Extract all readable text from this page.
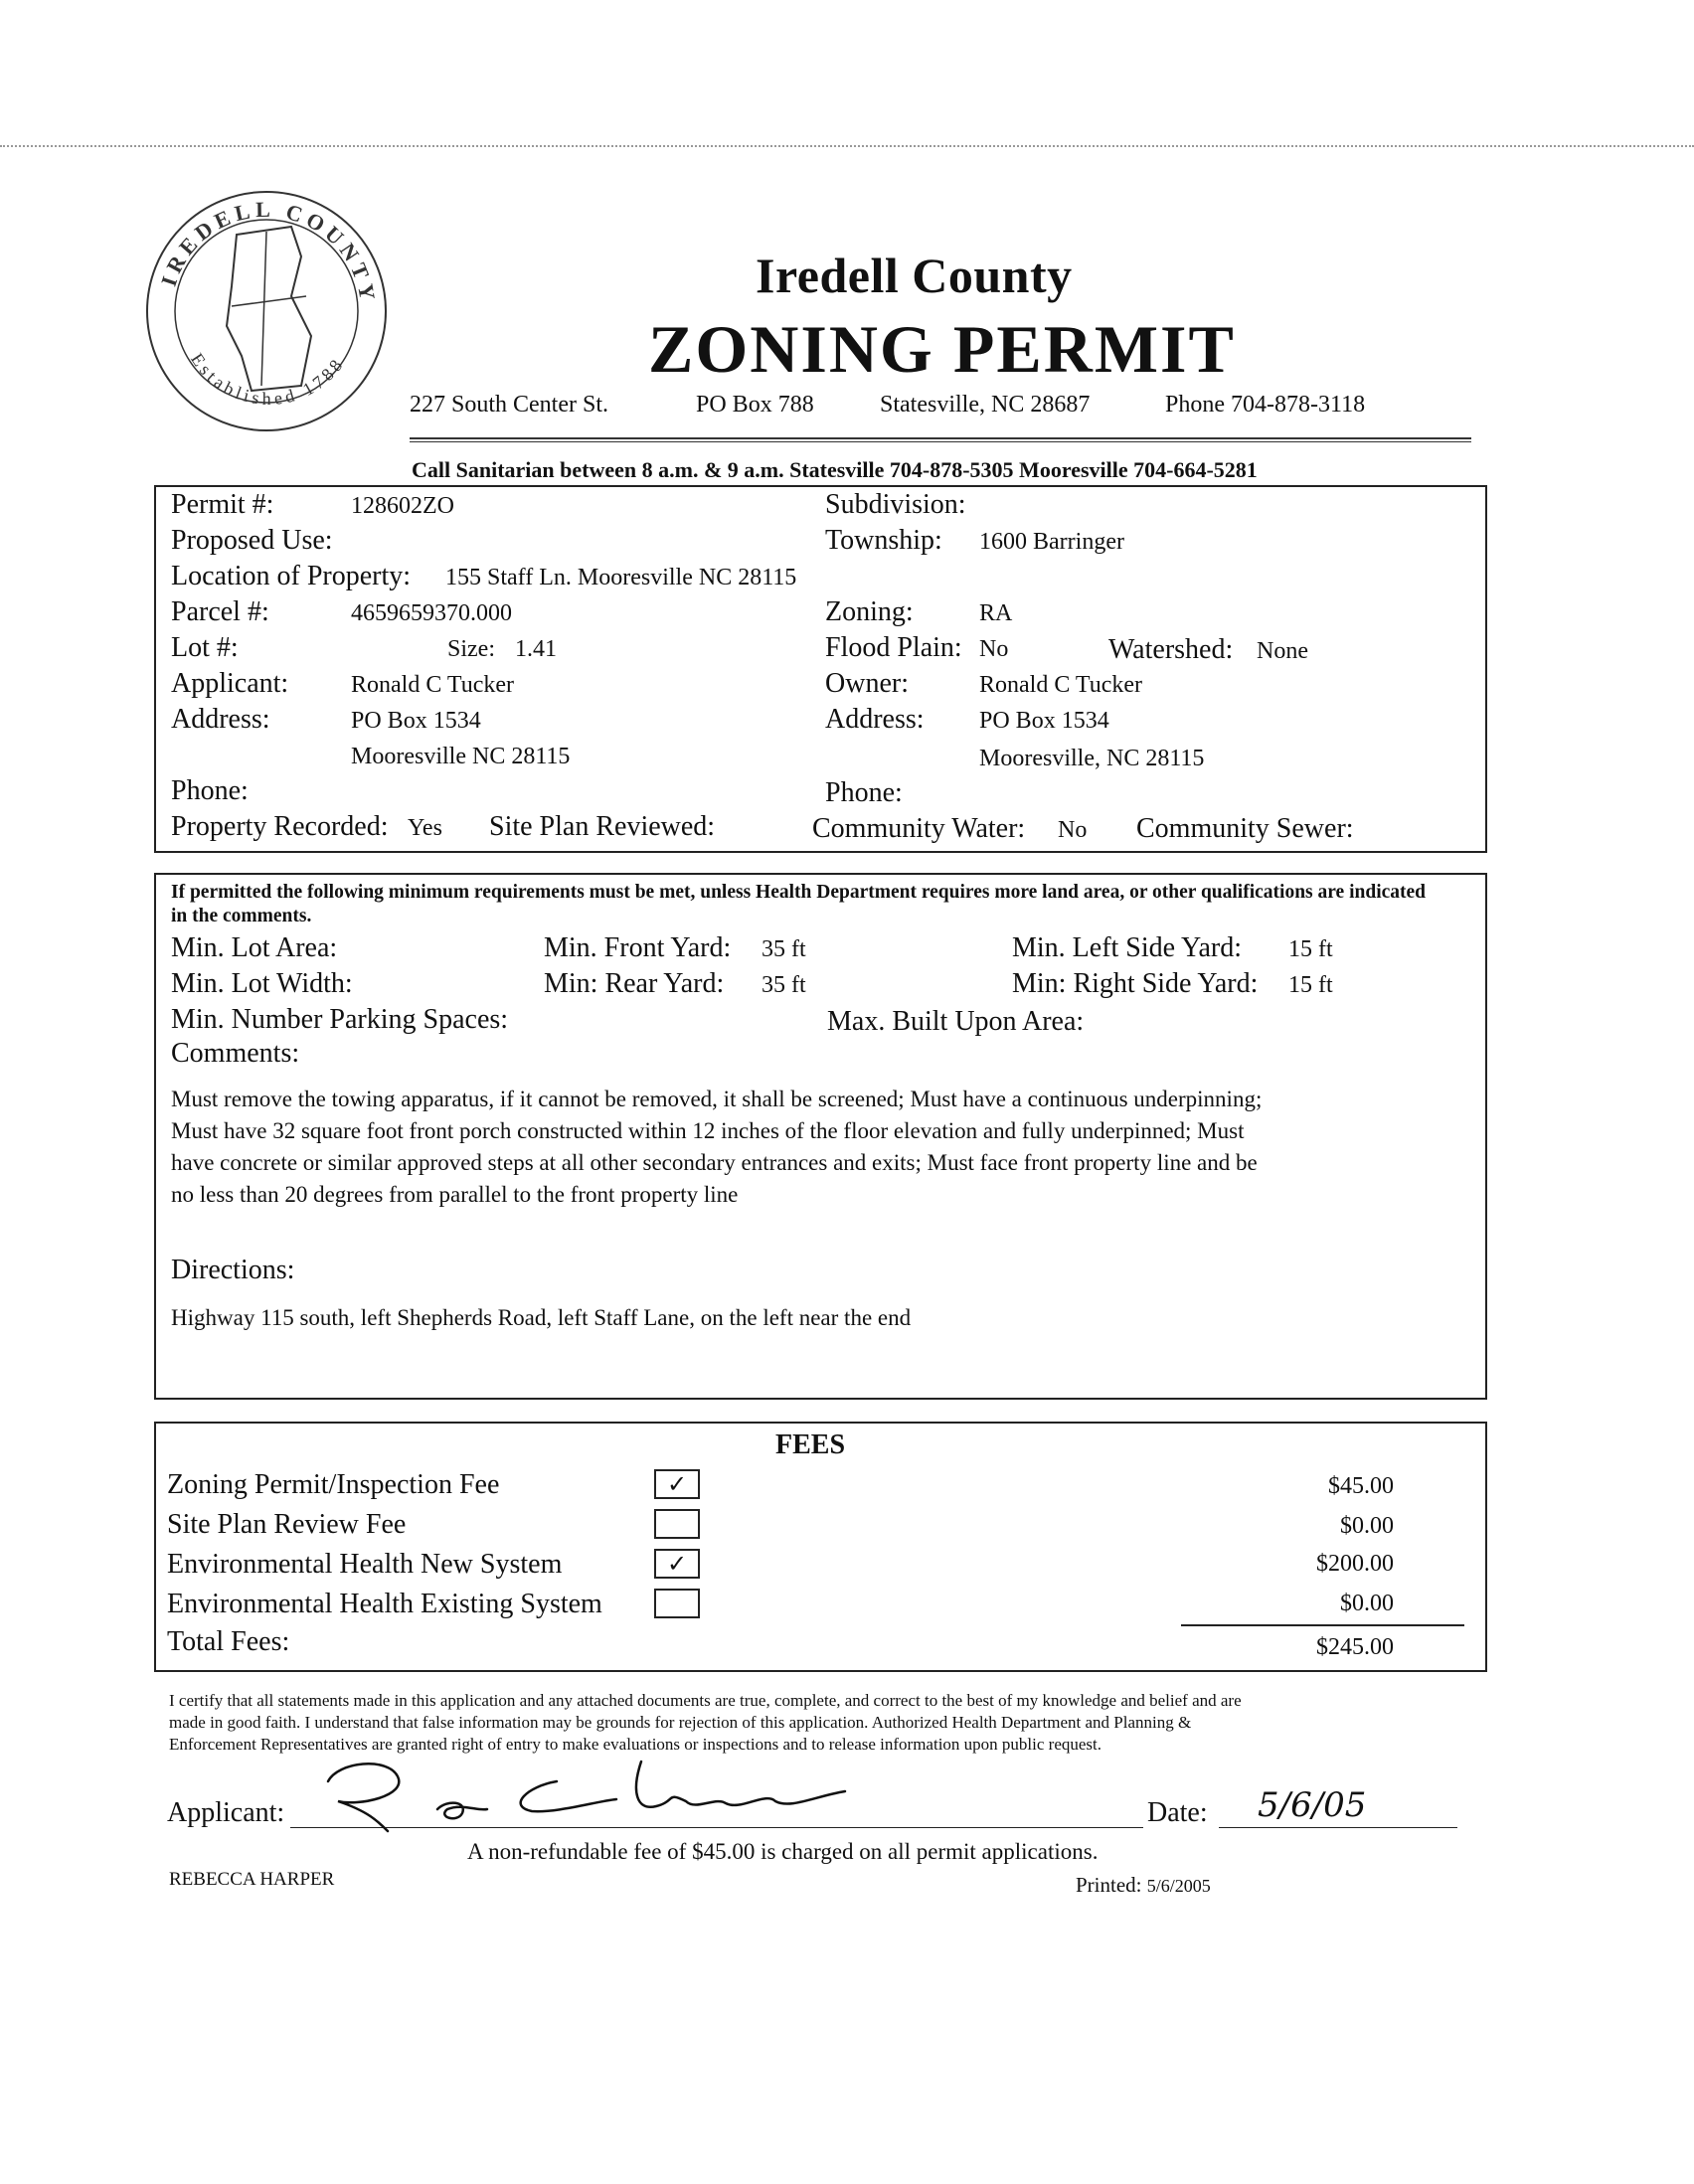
IREDELL COUNTY
Established 1788
Iredell County
ZONING PERMIT
227 South Center St.	PO Box 788	Statesville, NC 28687	Phone 704-878-3118
Call Sanitarian between 8 a.m. & 9 a.m. Statesville 704-878-5305 Mooresville 704-664-5281
Permit #:	128602ZO	Subdivision:
Proposed Use:	Township: 1600 Barringer
Location of Property: 155 Staff Ln. Mooresville NC 28115
Parcel #:	4659659370.000	Zoning:	RA
Lot #:	Size: 1.41	Flood Plain: No	Watershed: None
Applicant:	Ronald C Tucker	Owner:	Ronald C Tucker
Address:	PO Box 1534	Address: PO Box 1534
Mooresville NC 28115	Mooresville, NC 28115
Phone:	Phone:
Property Recorded: Yes Site Plan Reviewed:	Community Water: No Community Sewer:
If permitted the following minimum requirements must be met, unless Health Department requires more land area, or other qualifications are indicated in the comments.
Min. Lot Area:	Min. Front Yard: 35 ft	Min. Left Side Yard: 15 ft
Min. Lot Width:	Min: Rear Yard: 35 ft	Min: Right Side Yard: 15 ft
Min. Number Parking Spaces:	Max. Built Upon Area:
Comments:
Must remove the towing apparatus, if it cannot be removed, it shall be screened; Must have a continuous underpinning;
Must have 32 square foot front porch constructed within 12 inches of the floor elevation and fully underpinned; Must
have concrete or similar approved steps at all other secondary entrances and exits; Must face front property line and be
no less than 20 degrees from parallel to the front property line
Directions:
Highway 115 south, left Shepherds Road, left Staff Lane, on the left near the end
FEES
Zoning Permit/Inspection Fee	✓	$45.00
Site Plan Review Fee	$0.00
Environmental Health New System	✓	$200.00
Environmental Health Existing System	$0.00
Total Fees:	$245.00
I certify that all statements made in this application and any attached documents are true, complete, and correct to the best of my knowledge and belief and are
made in good faith. I understand that false information may be grounds for rejection of this application. Authorized Health Department and Planning &
Enforcement Representatives are granted right of entry to make evaluations or inspections and to release information upon public request.
Applicant:	Date: 5/6/05
A non-refundable fee of $45.00 is charged on all permit applications.
REBECCA HARPER	Printed: 5/6/2005
